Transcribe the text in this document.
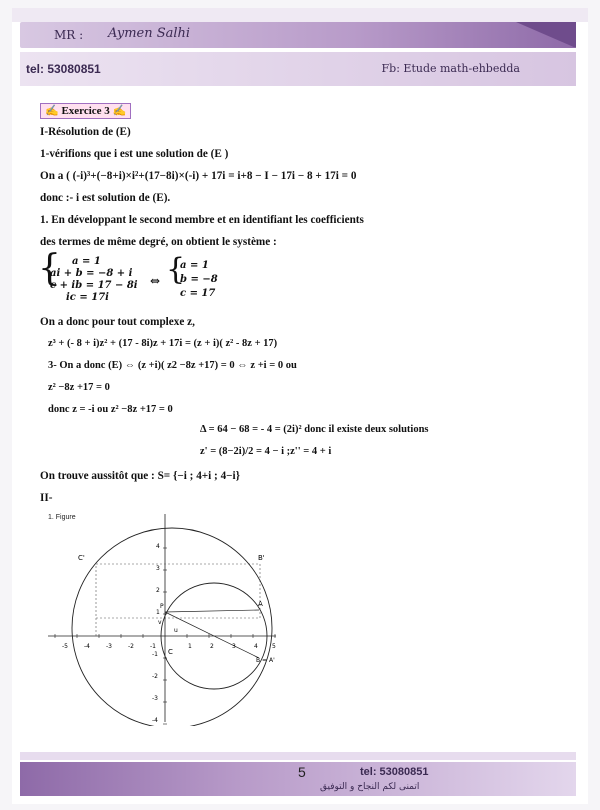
MR : Aymen Salhi
tel: 53080851	Fb: Etude math-ehbedda
✍ Exercice 3 ✍
I-Résolution de (E)
1-vérifions que i est une solution de (E )
On a ( (-i)³+(−8+i)×i²+(17−8i)×(-i) + 17i = i+8 − I − 17i − 8 + 17i = 0
donc :- i est solution de (E).
1. En développant le second membre et en identifiant les coefficients
des termes de même degré, on obtient le système :
{ a = 1
ai + b = −8 + i
c + ib = 17 − 8i
ic = 17i
⇔ {
a = 1
b = −8
c = 17
On a donc pour tout complexe z,
z³ + (- 8 + i)z² + (17 - 8i)z + 17i = (z + i)( z² - 8z + 17)
3- On a donc (E) ⇔ (z +i)( z2 −8z +17) = 0 ⇔ z +i = 0 ou
z² −8z +17 = 0
donc z = -i ou z² −8z +17 = 0
Δ = 64 − 68 = - 4 = (2i)² donc il existe deux solutions
z' = (8−2i)/2 = 4 − i ;z'' = 4 + i
On trouve aussitôt que : S= {−i ; 4+i ; 4−i}
II-
1. Figure
-5	-4	-3	-2	-1	1	2	3	4 5
4
3
2
1
-1
-2
-3
-4
C'	B'
A
C
B = A'
P
u
v
5	tel: 53080851
اتمنى لكم النجاح و التوفيق
